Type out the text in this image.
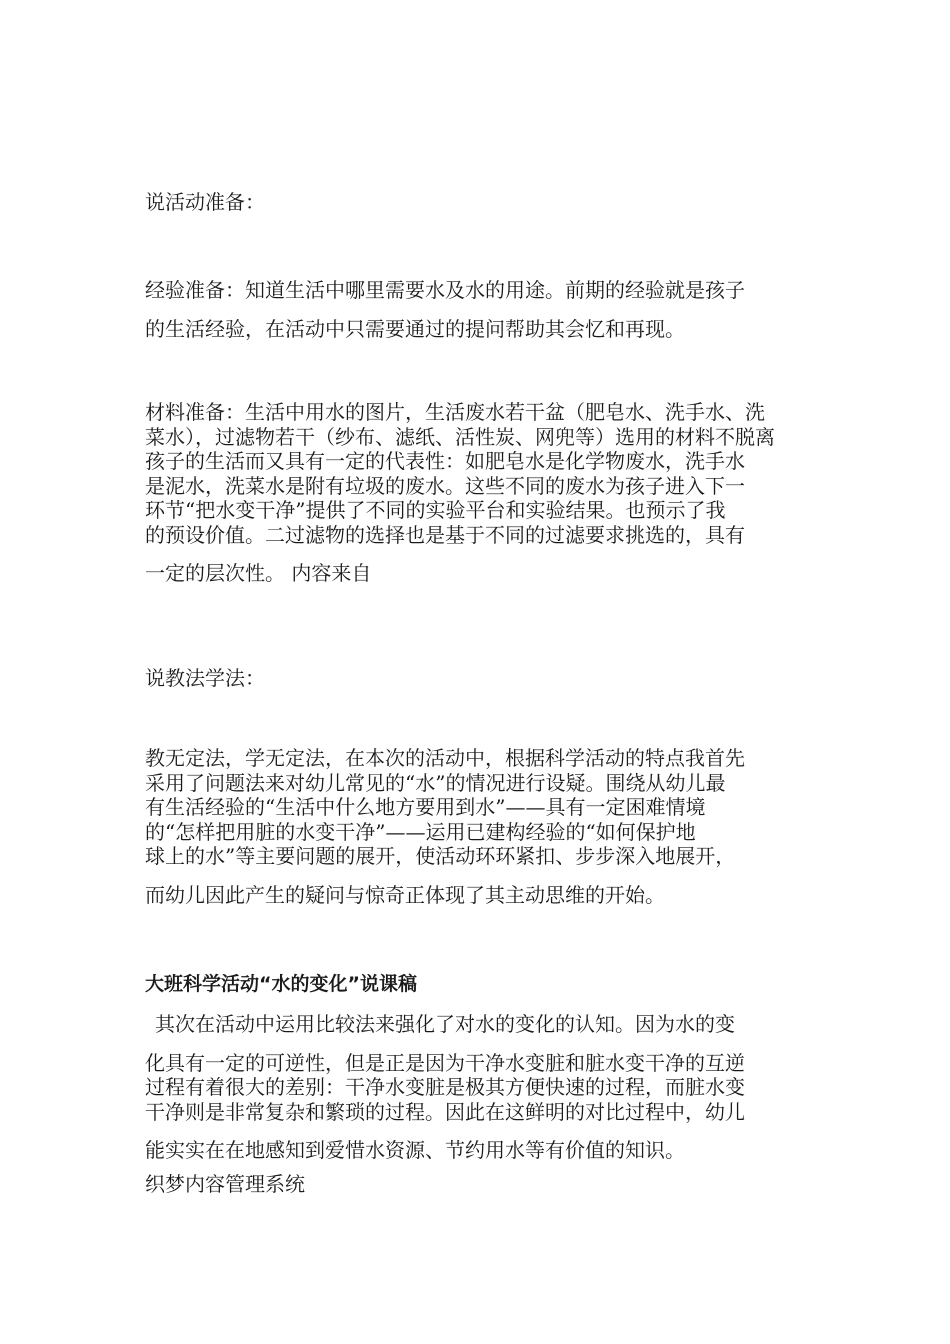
说活动准备：

经验准备：知道生活中哪里需要水及水的用途。前期的经验就是孩子
的生活经验，在活动中只需要通过的提问帮助其会忆和再现。
材料准备：生活中用水的图片，生活废水若干盆（肥皂水、洗手水、洗
菜水），过滤物若干（纱布、滤纸、活性炭、网兜等）选用的材料不脱离
孩子的生活而又具有一定的代表性：如肥皂水是化学物废水，洗手水
是泥水，洗菜水是附有垃圾的废水。这些不同的废水为孩子进入下一
环节“把水变干净”提供了不同的实验平台和实验结果。也预示了我
的预设价值。二过滤物的选择也是基于不同的过滤要求挑选的，具有
一定的层次性。 内容来自

说教法学法：

教无定法，学无定法，在本次的活动中，根据科学活动的特点我首先
采用了问题法来对幼儿常见的“水”的情况进行设疑。围绕从幼儿最
有生活经验的“生活中什么地方要用到水”——具有一定困难情境
的“怎样把用脏的水变干净”——运用已建构经验的“如何保护地
球上的水”等主要问题的展开，使活动环环紧扣、步步深入地展开，
而幼儿因此产生的疑问与惊奇正体现了其主动思维的开始。

大班科学活动“水的变化”说课稿

其次在活动中运用比较法来强化了对水的变化的认知。因为水的变
化具有一定的可逆性，但是正是因为干净水变脏和脏水变干净的互逆
过程有着很大的差别：干净水变脏是极其方便快速的过程，而脏水变
干净则是非常复杂和繁琐的过程。因此在这鲜明的对比过程中，幼儿
能实实在在地感知到爱惜水资源、节约用水等有价值的知识。

织梦内容管理系统
